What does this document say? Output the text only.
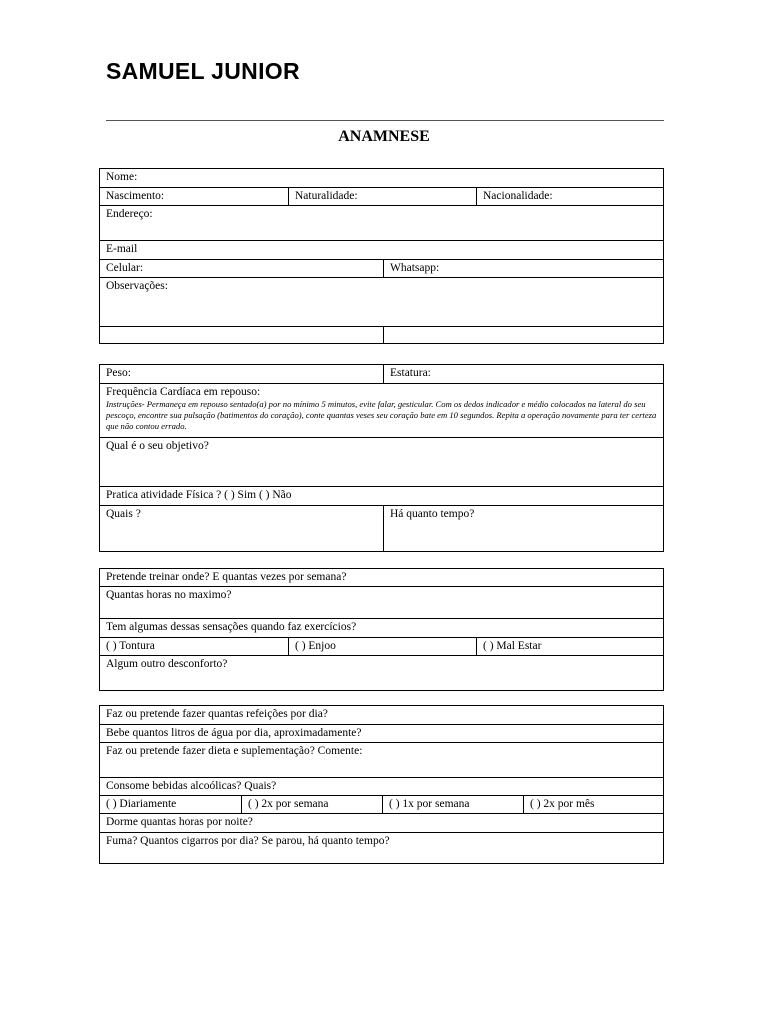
SAMUEL JUNIOR
ANAMNESE
Nome:
Nascimento:	Naturalidade:	Nacionalidade:
Endereço:
E-mail
Celular:	Whatsapp:
Observações:
Peso:	Estatura:
Frequência Cardíaca em repouso:
Instruções- Permaneça em repouso sentado(a) por no mínimo 5 minutos, evite falar, gesticular. Com os dedos indicador e médio colocados na lateral do seu pescoço, encontre sua pulsação (batimentos do coração), conte quantas veses seu coração bate em 10 segundos. Repita a operação novamente para ter certeza que não contou errado.
Qual é o seu objetivo?
Pratica atividade Física ? ( ) Sim ( ) Não
Quais ?	Há quanto tempo?
Pretende treinar onde? E quantas vezes por semana?
Quantas horas no maximo?
Tem algumas dessas sensações quando faz exercícios?
( ) Tontura	( ) Enjoo	( ) Mal Estar
Algum outro desconforto?
Faz ou pretende fazer quantas refeições por dia?
Bebe quantos litros de água por dia, aproximadamente?
Faz ou pretende fazer dieta e suplementação? Comente:
Consome bebidas alcoólicas? Quais?
( ) Diariamente	( ) 2x por semana	( ) 1x por semana	( ) 2x por mês
Dorme quantas horas por noite?
Fuma? Quantos cigarros por dia? Se parou, há quanto tempo?
